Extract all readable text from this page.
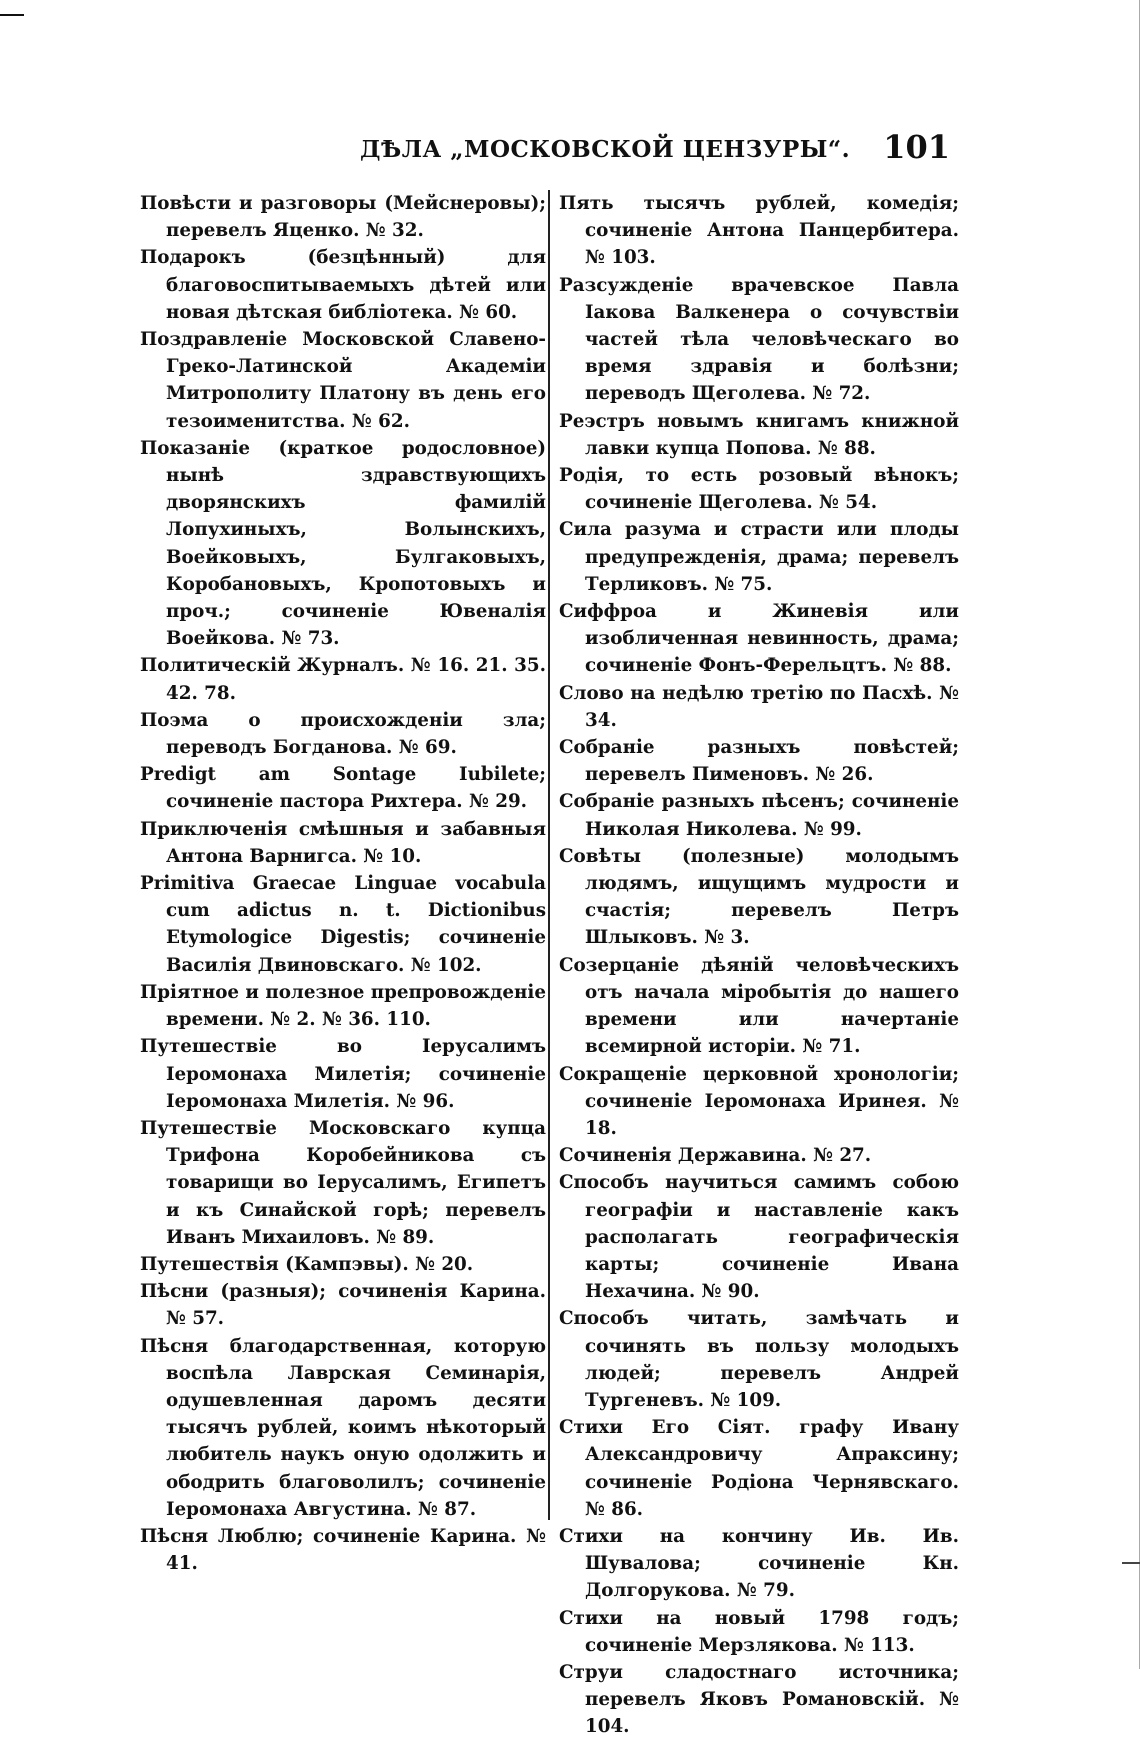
ДѢЛА „МОСКОВСКОЙ ЦЕНЗУРЫ“. 101

Повѣсти и разговоры (Мейснеровы); перевелъ Яценко. № 32.

Подарокъ (безцѣнный) для благовоспитываемыхъ дѣтей или новая дѣтская библіотека. № 60.

Поздравленіе Московской Славено-Греко-Латинской Академіи Митрополиту Платону въ день его тезоименитства. № 62.

Показаніе (краткое родословное) нынѣ здравствующихъ дворянскихъ фамилій Лопухиныхъ, Волынскихъ, Воейковыхъ, Булгаковыхъ, Коробановыхъ, Кропотовыхъ и проч.; сочиненіе Ювеналія Воейкова. № 73.

Политическій Журналъ. № 16. 21. 35. 42. 78.

Поэма о происхожденіи зла; переводъ Богданова. № 69.

Predigt am Sontage Iubilete; сочиненіе пастора Рихтера. № 29.

Приключенія смѣшныя и забавныя Антона Варнигса. № 10.

Primitiva Graecae Linguae vocabula cum adictus n. t. Dictionibus Etymologice Digestis; сочиненіе Василія Двиновскаго. № 102.

Пріятное и полезное препровожденіе времени. № 2. № 36. 110.

Путешествіе во Іерусалимъ Іеромонаха Милетія; сочиненіе Іеромонаха Милетія. № 96.

Путешествіе Московскаго купца Трифона Коробейникова съ товарищи во Іерусалимъ, Египетъ и къ Синайской горѣ; перевелъ Иванъ Михаиловъ. № 89.

Путешествія (Кампэвы). № 20.

Пѣсни (разныя); сочиненія Карина. № 57.

Пѣсня благодарственная, которую воспѣла Лаврская Семинарія, одушевленная даромъ десяти тысячъ рублей, коимъ нѣкоторый любитель наукъ оную одолжить и ободрить благоволилъ; сочиненіе Іеромонаха Августина. № 87.

Пѣсня Люблю; сочиненіе Карина. № 41.

Пять тысячъ рублей, комедія; сочиненіе Антона Панцербитера. № 103.

Разсужденіе врачевское Павла Іакова Валкенера о сочувствіи частей тѣла человѣческаго во время здравія и болѣзни; переводъ Щеголева. № 72.

Реэстръ новымъ книгамъ книжной лавки купца Попова. № 88.

Родія, то есть розовый вѣнокъ; сочиненіе Щеголева. № 54.

Сила разума и страсти или плоды предупрежденія, драма; перевелъ Терликовъ. № 75.

Сиффроа и Жиневія или изобличенная невинность, драма; сочиненіе Фонъ-Ферельцтъ. № 88.

Слово на недѣлю третію по Пасхѣ. № 34.

Собраніе разныхъ повѣстей; перевелъ Пименовъ. № 26.

Собраніе разныхъ пѣсенъ; сочиненіе Николая Николева. № 99.

Совѣты (полезные) молодымъ людямъ, ищущимъ мудрости и счастія; перевелъ Петръ Шлыковъ. № 3.

Созерцаніе дѣяній человѣческихъ отъ начала міробытія до нашего времени или начертаніе всемирной исторіи. № 71.

Сокращеніе церковной хронологіи; сочиненіе Іеромонаха Иринея. № 18.

Сочиненія Державина. № 27.

Способъ научиться самимъ собою географіи и наставленіе какъ располагать географическія карты; сочиненіе Ивана Нехачина. № 90.

Способъ читать, замѣчать и сочинять въ пользу молодыхъ людей; перевелъ Андрей Тургеневъ. № 109.

Стихи Его Сіят. графу Ивану Александровичу Апраксину; сочиненіе Родіона Чернявскаго. № 86.

Стихи на кончину Ив. Ив. Шувалова; сочиненіе Кн. Долгорукова. № 79.

Стихи на новый 1798 годъ; сочиненіе Мерзлякова. № 113.

Струи сладостнаго источника; перевелъ Яковъ Романовскій. № 104.
